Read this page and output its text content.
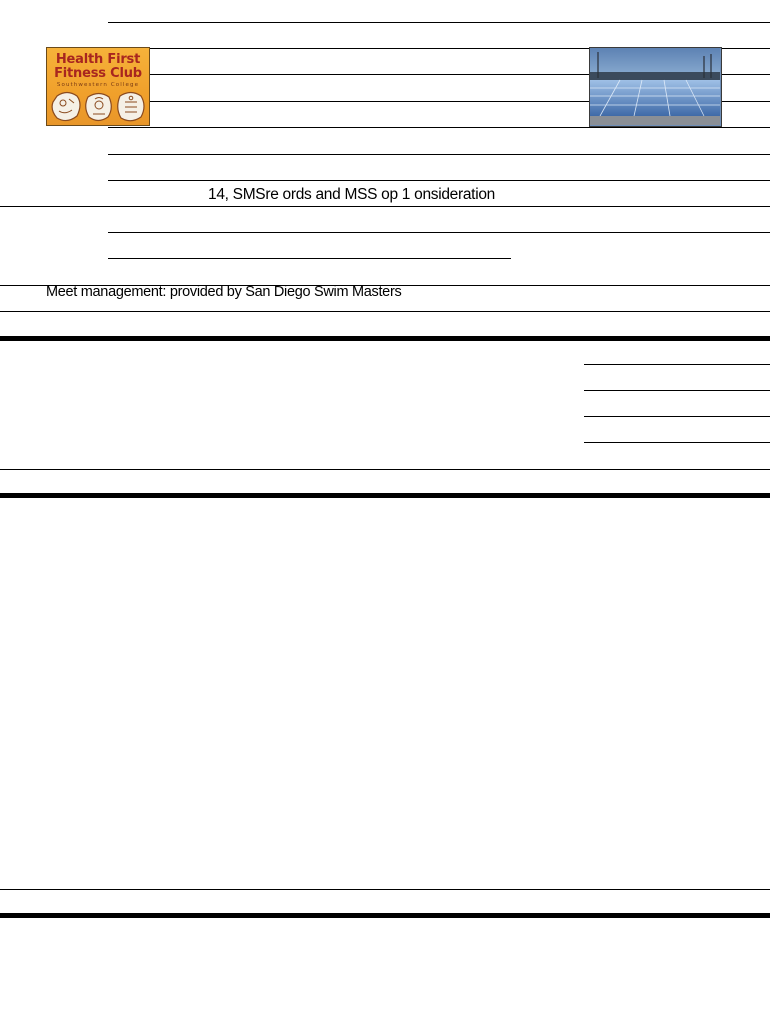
Health First
Fitness Club
Southwestern College
14, SMSre ords and MSS op 1 onsideration
Meet management: provided by San Diego Swim Masters
